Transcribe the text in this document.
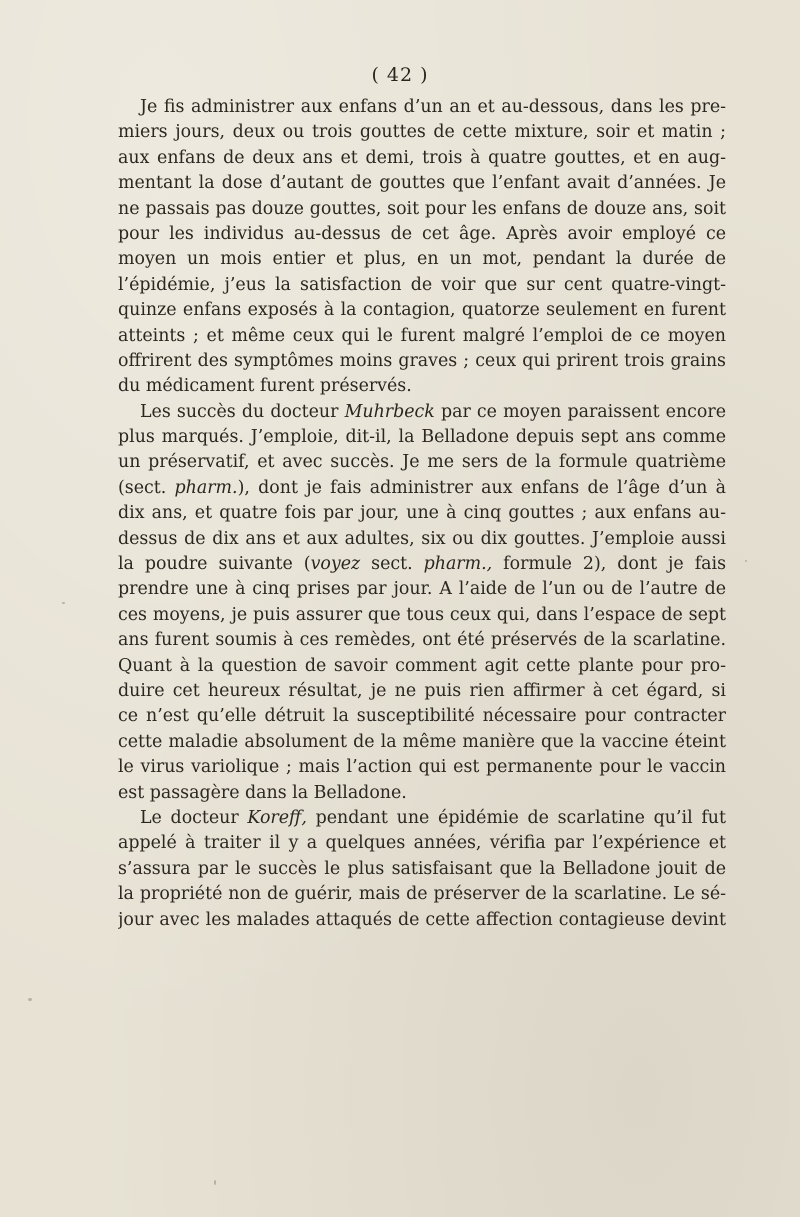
( 42 )
Je fis administrer aux enfans d’un an et au-dessous, dans les pre-
miers jours, deux ou trois gouttes de cette mixture, soir et matin ;
aux enfans de deux ans et demi, trois à quatre gouttes, et en aug-
mentant la dose d’autant de gouttes que l’enfant avait d’années. Je
ne passais pas douze gouttes, soit pour les enfans de douze ans, soit
pour les individus au-dessus de cet âge. Après avoir employé ce
moyen un mois entier et plus, en un mot, pendant la durée de
l’épidémie, j’eus la satisfaction de voir que sur cent quatre-vingt-
quinze enfans exposés à la contagion, quatorze seulement en furent
atteints ; et même ceux qui le furent malgré l’emploi de ce moyen
offrirent des symptômes moins graves ; ceux qui prirent trois grains
du médicament furent préservés.
Les succès du docteur Muhrbeck par ce moyen paraissent encore
plus marqués. J’emploie, dit-il, la Belladone depuis sept ans comme
un préservatif, et avec succès. Je me sers de la formule quatrième
(sect. pharm.), dont je fais administrer aux enfans de l’âge d’un à
dix ans, et quatre fois par jour, une à cinq gouttes ; aux enfans au-
dessus de dix ans et aux adultes, six ou dix gouttes. J’emploie aussi
la poudre suivante (voyez sect. pharm., formule 2), dont je fais
prendre une à cinq prises par jour. A l’aide de l’un ou de l’autre de
ces moyens, je puis assurer que tous ceux qui, dans l’espace de sept
ans furent soumis à ces remèdes, ont été préservés de la scarlatine.
Quant à la question de savoir comment agit cette plante pour pro-
duire cet heureux résultat, je ne puis rien affirmer à cet égard, si
ce n’est qu’elle détruit la susceptibilité nécessaire pour contracter
cette maladie absolument de la même manière que la vaccine éteint
le virus variolique ; mais l’action qui est permanente pour le vaccin
est passagère dans la Belladone.
Le docteur Koreff, pendant une épidémie de scarlatine qu’il fut
appelé à traiter il y a quelques années, vérifia par l’expérience et
s’assura par le succès le plus satisfaisant que la Belladone jouit de
la propriété non de guérir, mais de préserver de la scarlatine. Le sé-
jour avec les malades attaqués de cette affection contagieuse devint
